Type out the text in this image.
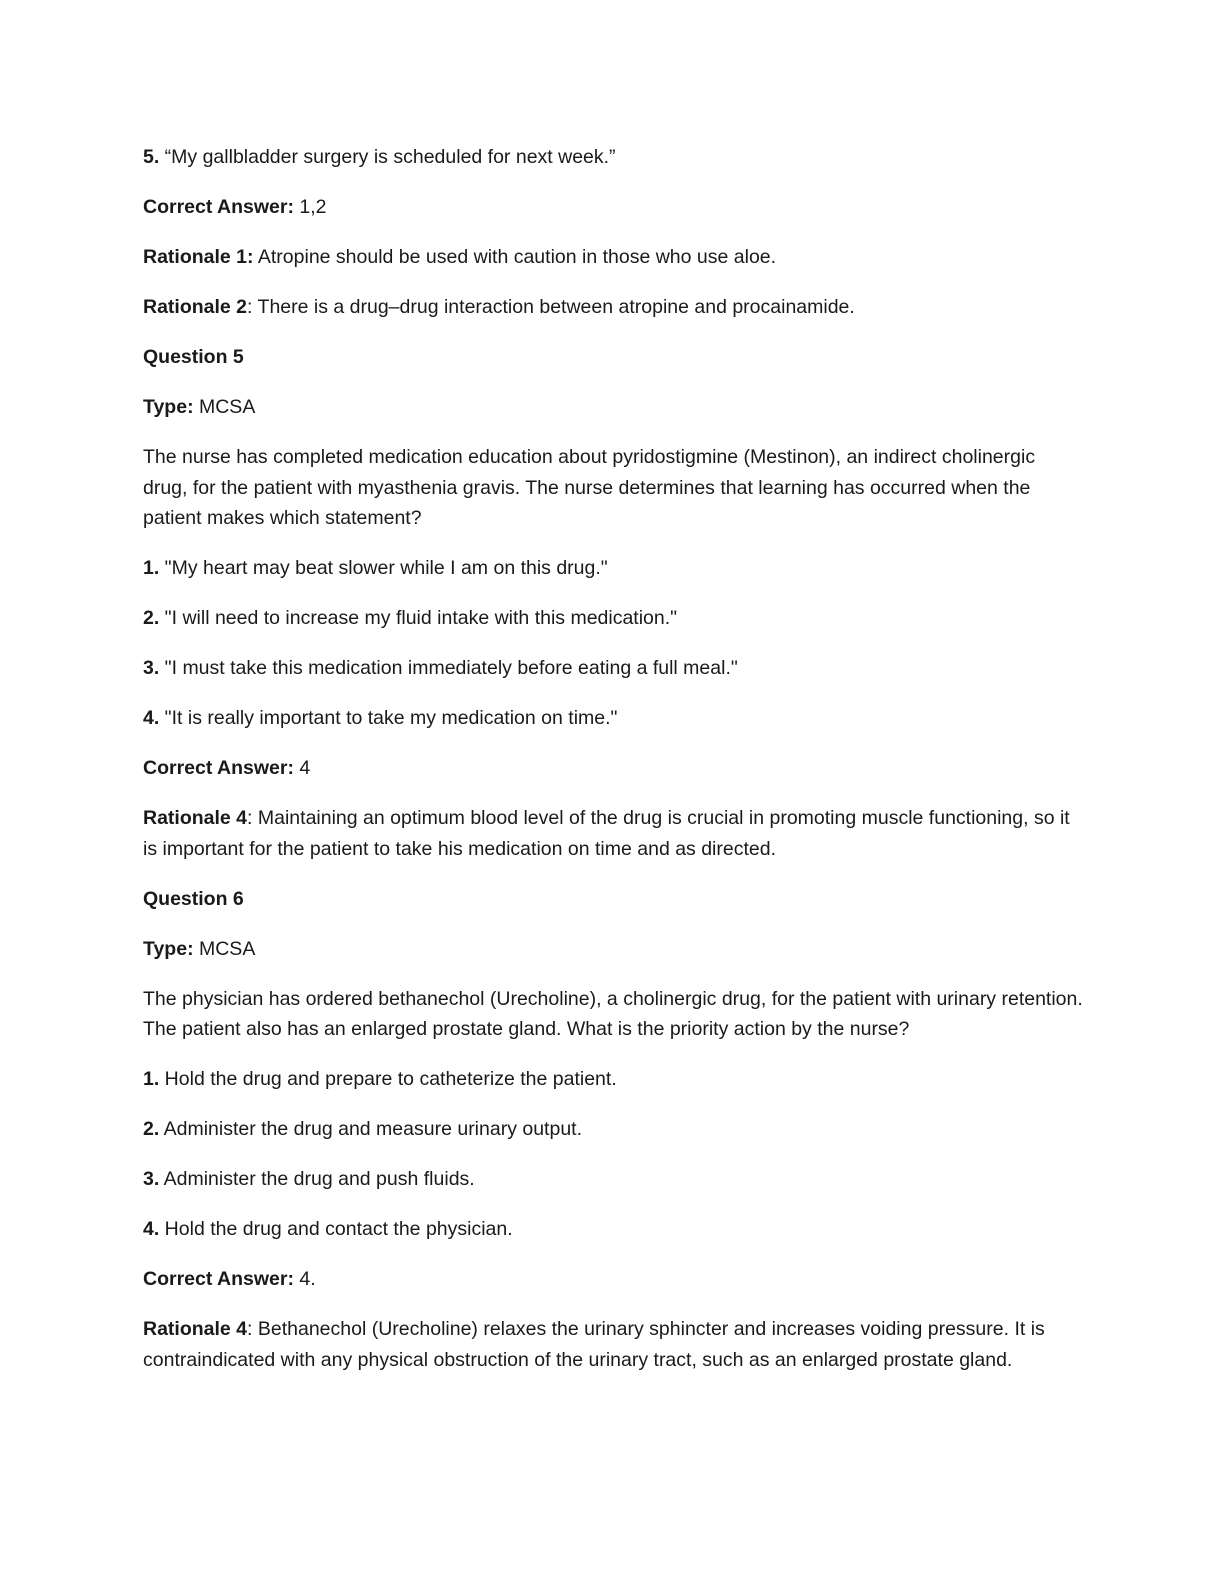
5. “My gallbladder surgery is scheduled for next week.”

Correct Answer: 1,2

Rationale 1: Atropine should be used with caution in those who use aloe.

Rationale 2: There is a drug–drug interaction between atropine and procainamide.

Question 5

Type: MCSA

The nurse has completed medication education about pyridostigmine (Mestinon), an indirect cholinergic drug, for the patient with myasthenia gravis. The nurse determines that learning has occurred when the patient makes which statement?

1. "My heart may beat slower while I am on this drug."

2. "I will need to increase my fluid intake with this medication."

3. "I must take this medication immediately before eating a full meal."

4. "It is really important to take my medication on time."

Correct Answer: 4

Rationale 4: Maintaining an optimum blood level of the drug is crucial in promoting muscle functioning, so it is important for the patient to take his medication on time and as directed.

Question 6

Type: MCSA

The physician has ordered bethanechol (Urecholine), a cholinergic drug, for the patient with urinary retention. The patient also has an enlarged prostate gland. What is the priority action by the nurse?

1. Hold the drug and prepare to catheterize the patient.

2. Administer the drug and measure urinary output.

3. Administer the drug and push fluids.

4. Hold the drug and contact the physician.

Correct Answer: 4.

Rationale 4: Bethanechol (Urecholine) relaxes the urinary sphincter and increases voiding pressure. It is contraindicated with any physical obstruction of the urinary tract, such as an enlarged prostate gland.
